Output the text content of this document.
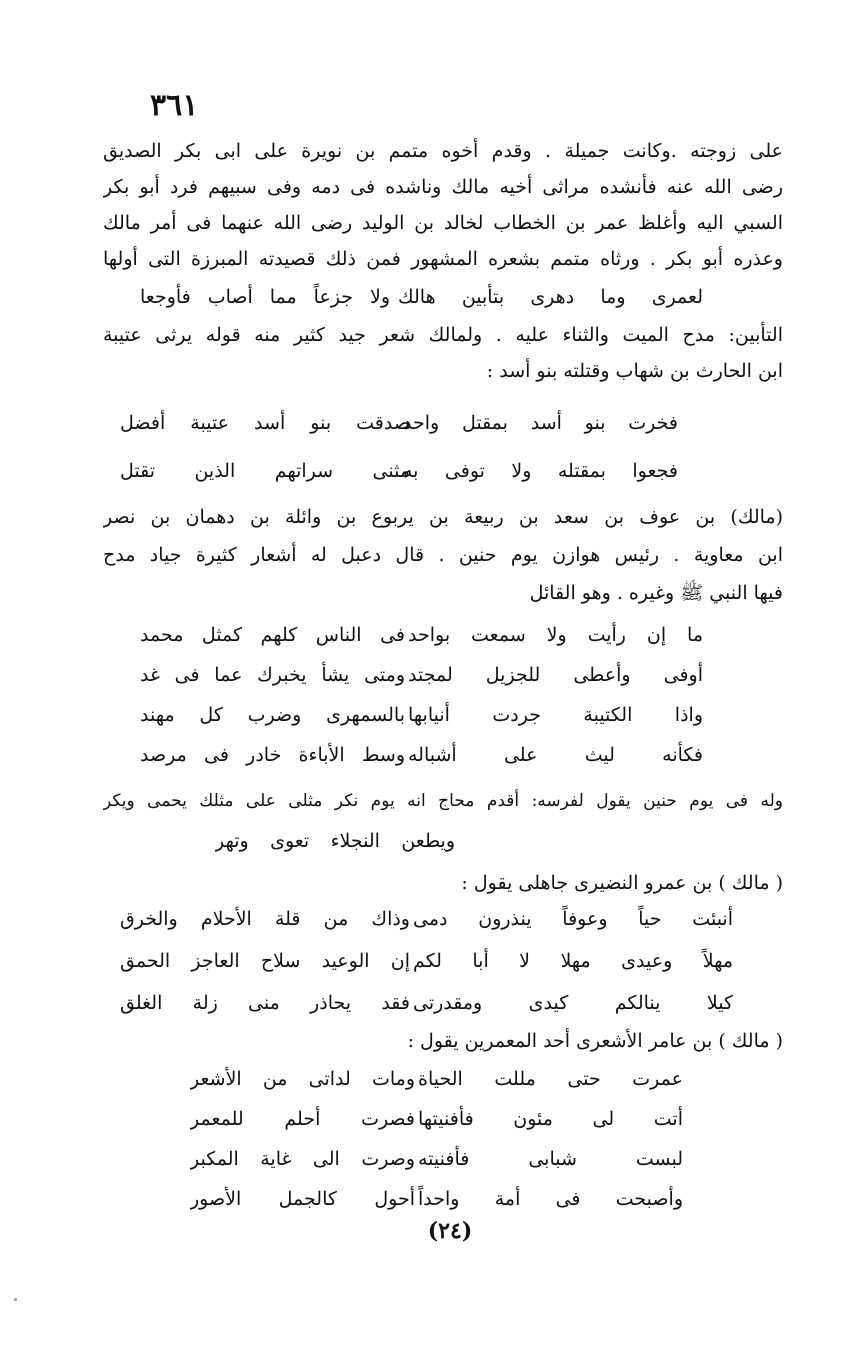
٣٦١
على زوجته .وكانت جميلة . وقدم أخوه متمم بن نويرة على ابى بكر الصديق
رضى الله عنه فأنشده مراثى أخيه مالك وناشده فى دمه وفى سبيهم فرد أبو بكر
السبي اليه وأغلظ عمر بن الخطاب لخالد بن الوليد رضى الله عنهما فى أمر مالك
وعذره أبو بكر . ورثاه متمم بشعره المشهور فمن ذلك قصيدته المبرزة التى أولها
لعمرى وما دهرى بتأبين هالك
ولا جزعاً مما أصاب فأوجعا
التأبين: مدح الميت والثناء عليه . ولمالك شعر جيد كثير منه قوله يرثى عتيبة
ابن الحارث بن شهاب وقتلته بنو أسد :
فخرت بنو أسد بمقتل واحد
صدقت بنو أسد عتيبة أفضل
فجعوا بمقتله ولا توفى به
مثنى سراتهم الذين تقتل
(مالك) بن عوف بن سعد بن ربيعة بن يربوع بن وائلة بن دهمان بن نصر
ابن معاوية . رئيس هوازن يوم حنين . قال دعبل له أشعار كثيرة جياد مدح
فيها النبي ﷺ وغيره . وهو القائل
ما إن رأيت ولا سمعت بواحد
فى الناس كلهم كمثل محمد
أوفى وأعطى للجزيل لمجتد
ومتى يشأ يخبرك عما فى غد
واذا الكتيبة جردت أنيابها
بالسمهرى وضرب كل مهند
فكأنه ليث على أشباله
وسط الأباءة خادر فى مرصد
وله فى يوم حنين يقول لفرسه: أقدم محاج انه يوم نكر مثلى على مثلك يحمى ويكر
ويطعن النجلاء تعوى وتهر
( مالك ) بن عمرو النضيرى جاهلى يقول :
أنبئت حياً وعوفاً ينذرون دمى
وذاك من قلة الأحلام والخرق
مهلاً وعيدى مهلا لا أبا لكم
إن الوعيد سلاح العاجز الحمق
كيلا ينالكم كيدى ومقدرتى
فقد يحاذر منى زلة الغلق
( مالك ) بن عامر الأشعرى أحد المعمرين يقول :
عمرت حتى مللت الحياة
ومات لداتى من الأشعر
أتت لى مئون فأفنيتها
فصرت أحلم للمعمر
لبست شبابى فأفنيته
وصرت الى غاية المكبر
وأصبحت فى أمة واحداً
أحول كالجمل الأصور
(٢٤)
